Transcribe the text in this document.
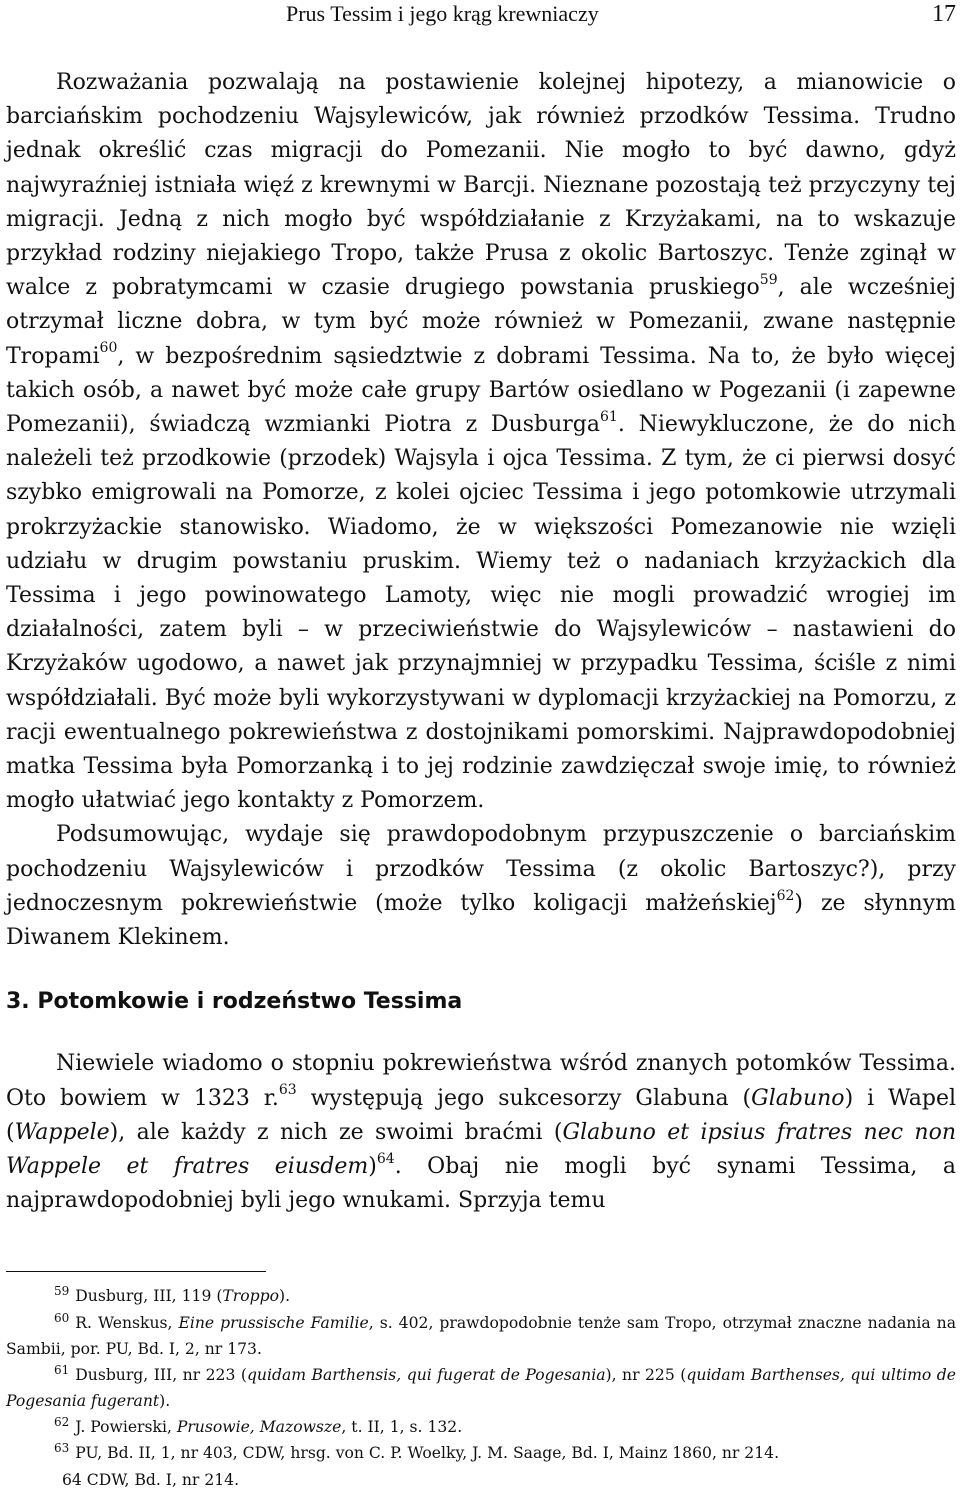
Prus Tessim i jego krąg krewniaczy	17

Rozważania pozwalają na postawienie kolejnej hipotezy, a mianowicie o barciańskim pochodzeniu Wajsylewiców, jak również przodków Tessima. Trudno jednak określić czas migracji do Pomezanii. Nie mogło to być dawno, gdyż najwyraźniej istniała więź z krewnymi w Barcji. Nieznane pozostają też przyczyny tej migracji. Jedną z nich mogło być współdziałanie z Krzyżakami, na to wskazuje przykład rodziny niejakiego Tropo, także Prusa z okolic Bartoszyc. Tenże zginął w walce z pobratymcami w czasie drugiego powstania pruskiego$^{59}$, ale wcześniej otrzymał liczne dobra, w tym być może również w Pomezanii, zwane następnie Tropami$^{60}$, w bezpośrednim sąsiedztwie z dobrami Tessima. Na to, że było więcej takich osób, a nawet być może całe grupy Bartów osiedlano w Pogezanii (i zapewne Pomezanii), świadczą wzmianki Piotra z Dusburga$^{61}$. Niewykluczone, że do nich należeli też przodkowie (przodek) Wajsyla i ojca Tessima. Z tym, że ci pierwsi dosyć szybko emigrowali na Pomorze, z kolei ojciec Tessima i jego potomkowie utrzymali prokrzyżackie stanowisko. Wiadomo, że w większości Pomezanowie nie wzięli udziału w drugim powstaniu pruskim. Wiemy też o nadaniach krzyżackich dla Tessima i jego powinowatego Lamoty, więc nie mogli prowadzić wrogiej im działalności, zatem byli – w przeciwieństwie do Wajsylewiców – nastawieni do Krzyżaków ugodowo, a nawet jak przynajmniej w przypadku Tessima, ściśle z nimi współdziałali. Być może byli wykorzystywani w dyplomacji krzyżackiej na Pomorzu, z racji ewentualnego pokrewieństwa z dostojnikami pomorskimi. Najprawdopodobniej matka Tessima była Pomorzanką i to jej rodzinie zawdzięczał swoje imię, to również mogło ułatwiać jego kontakty z Pomorzem.

Podsumowując, wydaje się prawdopodobnym przypuszczenie o barciańskim pochodzeniu Wajsylewiców i przodków Tessima (z okolic Bartoszyc?), przy jednoczesnym pokrewieństwie (może tylko koligacji małżeńskiej$^{62}$) ze słynnym Diwanem Klekinem.

3. Potomkowie i rodzeństwo Tessima

Niewiele wiadomo o stopniu pokrewieństwa wśród znanych potomków Tessima. Oto bowiem w 1323 r.$^{63}$ występują jego sukcesorzy Glabuna (Glabuno) i Wapel (Wappele), ale każdy z nich ze swoimi braćmi (Glabuno et ipsius fratres nec non Wappele et fratres eiusdem)$^{64}$. Obaj nie mogli być synami Tessima, a najprawdopodobniej byli jego wnukami. Sprzyja temu

$^{59}$ Dusburg, III, 119 (Troppo).

$^{60}$ R. Wenskus, Eine prussische Familie, s. 402, prawdopodobnie tenże sam Tropo, otrzymał znaczne nadania na Sambii, por. PU, Bd. I, 2, nr 173.

$^{61}$ Dusburg, III, nr 223 (quidam Barthensis, qui fugerat de Pogesania), nr 225 (quidam Barthenses, qui ultimo de Pogesania fugerant).

$^{62}$ J. Powierski, Prusowie, Mazowsze, t. II, 1, s. 132.

$^{63}$ PU, Bd. II, 1, nr 403, CDW, hrsg. von C. P. Woelky, J. M. Saage, Bd. I, Mainz 1860, nr 214.

64 CDW, Bd. I, nr 214.
